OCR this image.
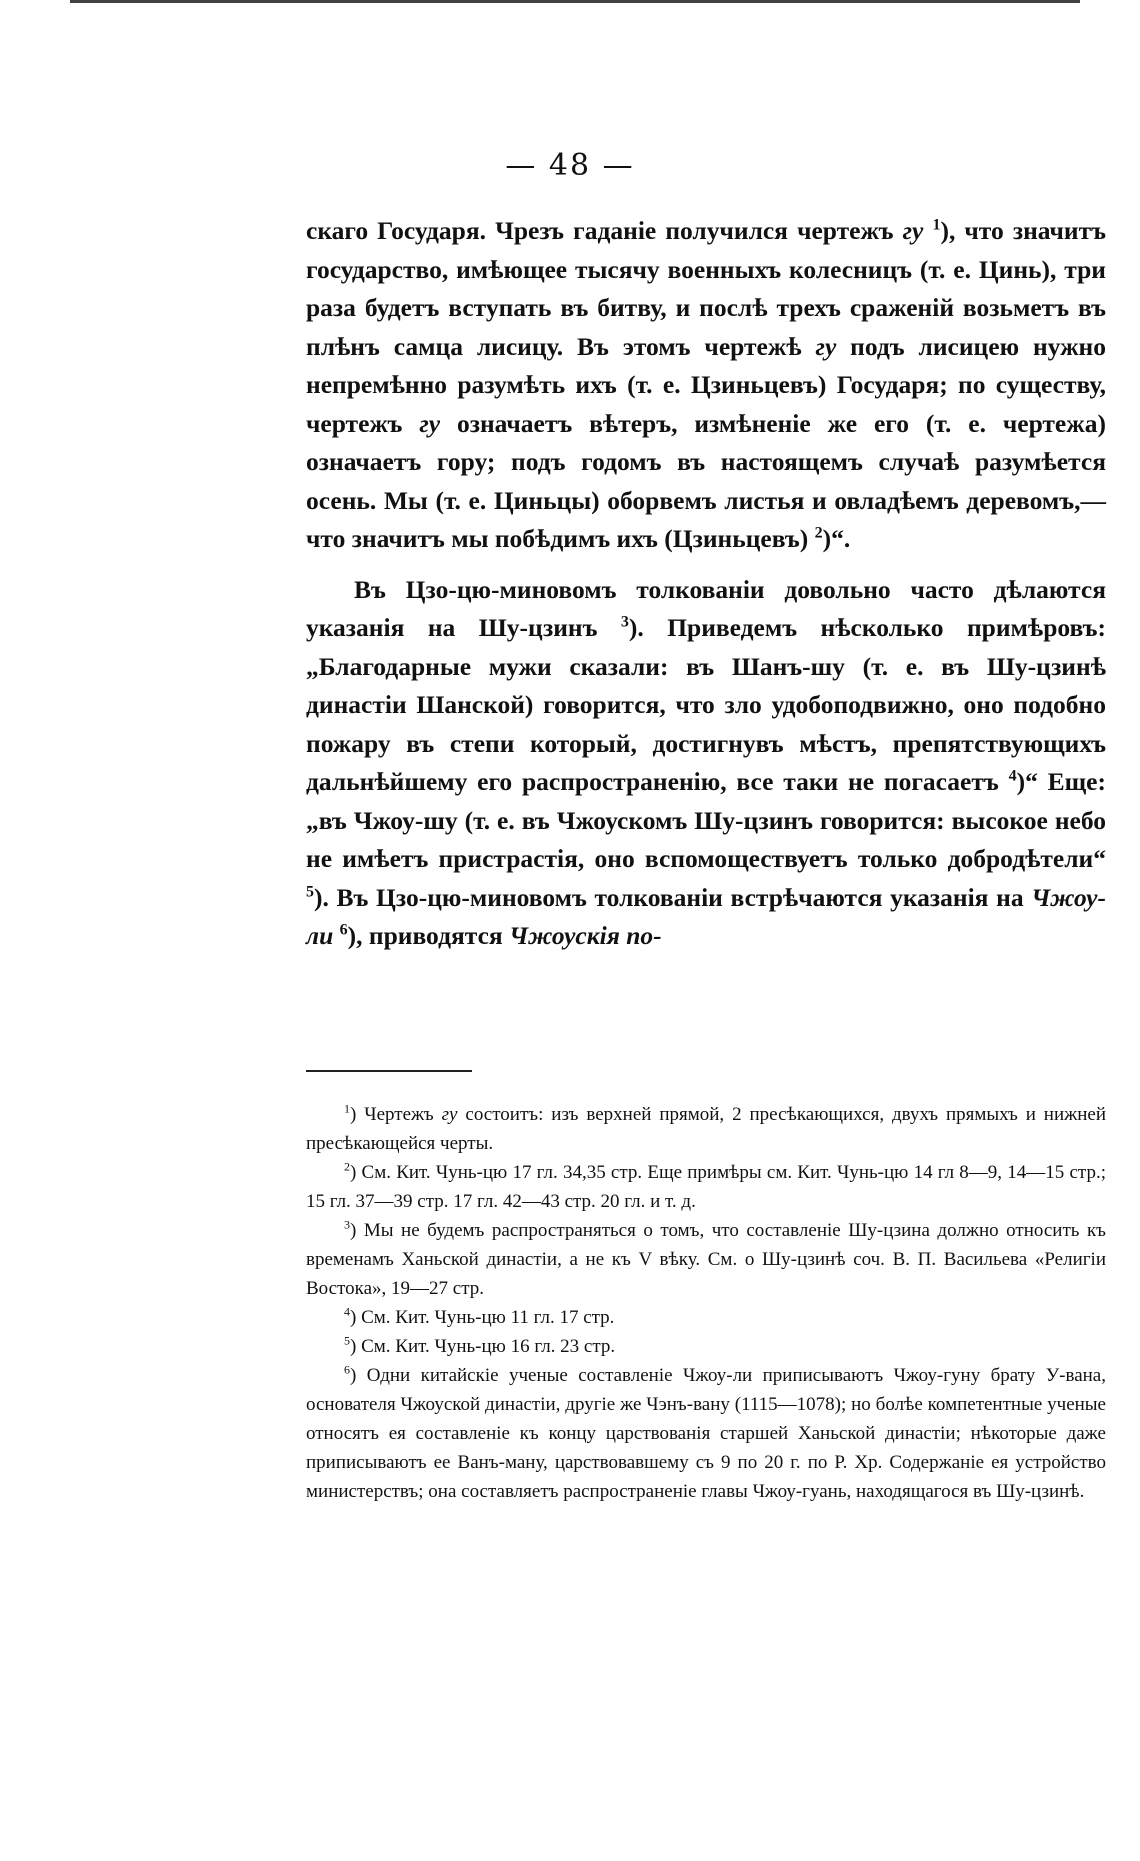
— 48 —

скаго Государя. Чрезъ гаданіе получился чертежъ гу $^1$), что значитъ государство, имѣющее тысячу военныхъ колесницъ (т. е. Цинь), три раза будетъ вступать въ битву, и послѣ трехъ сраженій возьметъ въ плѣнъ самца лисицу. Въ этомъ чертежѣ гу подъ лисицею нужно непремѣнно разумѣть ихъ (т. е. Цзиньцевъ) Государя; по существу, чертежъ гу означаетъ вѣтеръ, измѣненіе же его (т. е. чертежа) означаетъ гору; подъ годомъ въ настоящемъ случаѣ разумѣется осень. Мы (т. е. Циньцы) оборвемъ листья и овладѣемъ деревомъ,—что значитъ мы побѣдимъ ихъ (Цзиньцевъ) $^2$)“.

Въ Цзо-цю-миновомъ толкованіи довольно часто дѣлаются указанія на Шу-цзинъ $^3$). Приведемъ нѣсколько примѣровъ: „Благодарные мужи сказали: въ Шанъ-шу (т. е. въ Шу-цзинѣ династіи Шанской) говорится, что зло удобоподвижно, оно подобно пожару въ степи который, достигнувъ мѣстъ, препятствующихъ дальнѣйшему его распространенію, все таки не погасаетъ $^4$)“ Еще: „въ Чжоу-шу (т. е. въ Чжоускомъ Шу-цзинъ говорится: высокое небо не имѣетъ пристрастія, оно вспомоществуетъ только добродѣтели“ $^5$). Въ Цзо-цю-миновомъ толкованіи встрѣчаются указанія на Чжоу-ли $^6$), приводятся Чжоускія по-

$^1$) Чертежъ гу состоитъ: изъ верхней прямой, 2 пресѣкающихся, двухъ прямыхъ и нижней пресѣкающейся черты.

$^2$) См. Кит. Чунь-цю 17 гл. 34,35 стр. Еще примѣры см. Кит. Чунь-цю 14 гл 8—9, 14—15 стр.; 15 гл. 37—39 стр. 17 гл. 42—43 стр. 20 гл. и т. д.

$^3$) Мы не будемъ распространяться о томъ, что составленіе Шу-цзина должно относить къ временамъ Ханьской династіи, а не къ V вѣку. См. о Шу-цзинѣ соч. В. П. Васильева «Религіи Востока», 19—27 стр.

$^4$) См. Кит. Чунь-цю 11 гл. 17 стр.

$^5$) См. Кит. Чунь-цю 16 гл. 23 стр.

$^6$) Одни китайскіе ученые составленіе Чжоу-ли приписываютъ Чжоу-гуну брату У-вана, основателя Чжоуской династіи, другіе же Чэнъ-вану (1115—1078); но болѣе компетентные ученые относятъ ея составленіе къ концу царствованія старшей Ханьской династіи; нѣкоторые даже приписываютъ ее Ванъ-ману, царствовавшему съ 9 по 20 г. по Р. Хр. Содержаніе ея устройство министерствъ; она составляетъ распространеніе главы Чжоу-гуань, находящагося въ Шу-цзинѣ.
